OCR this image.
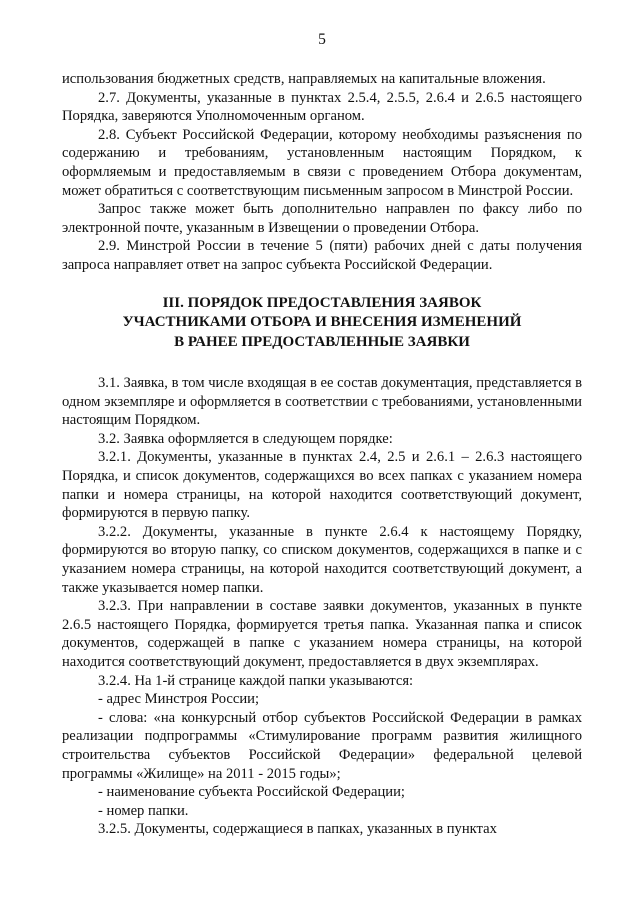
5

использования бюджетных средств, направляемых на капитальные вложения.

2.7. Документы, указанные в пунктах 2.5.4, 2.5.5, 2.6.4 и 2.6.5 настоящего Порядка, заверяются Уполномоченным органом.

2.8. Субъект Российской Федерации, которому необходимы разъяснения по содержанию и требованиям, установленным настоящим Порядком, к оформляемым и предоставляемым в связи с проведением Отбора документам, может обратиться с соответствующим письменным запросом в Минстрой России.

Запрос также может быть дополнительно направлен по факсу либо по электронной почте, указанным в Извещении о проведении Отбора.

2.9. Минстрой России в течение 5 (пяти) рабочих дней с даты получения запроса направляет ответ на запрос субъекта Российской Федерации.

III. ПОРЯДОК ПРЕДОСТАВЛЕНИЯ ЗАЯВОК
УЧАСТНИКАМИ ОТБОРА И ВНЕСЕНИЯ ИЗМЕНЕНИЙ
В РАНЕЕ ПРЕДОСТАВЛЕННЫЕ ЗАЯВКИ

3.1. Заявка, в том числе входящая в ее состав документация, представляется в одном экземпляре и оформляется в соответствии с требованиями, установленными настоящим Порядком.

3.2. Заявка оформляется в следующем порядке:

3.2.1. Документы, указанные в пунктах 2.4, 2.5 и 2.6.1 – 2.6.3 настоящего Порядка, и список документов, содержащихся во всех папках с указанием номера папки и номера страницы, на которой находится соответствующий документ, формируются в первую папку.

3.2.2. Документы, указанные в пункте 2.6.4 к настоящему Порядку, формируются во вторую папку, со списком документов, содержащихся в папке и с указанием номера страницы, на которой находится соответствующий документ, а также указывается номер папки.

3.2.3. При направлении в составе заявки документов, указанных в пункте 2.6.5 настоящего Порядка, формируется третья папка. Указанная папка и список документов, содержащей в папке с указанием номера страницы, на которой находится соответствующий документ, предоставляется в двух экземплярах.

3.2.4. На 1-й странице каждой папки указываются:

- адрес Минстроя России;

- слова: «на конкурсный отбор субъектов Российской Федерации в рамках реализации подпрограммы «Стимулирование программ развития жилищного строительства субъектов Российской Федерации» федеральной целевой программы «Жилище» на 2011 - 2015 годы»;

- наименование субъекта Российской Федерации;

- номер папки.

3.2.5. Документы, содержащиеся в папках, указанных в пунктах
